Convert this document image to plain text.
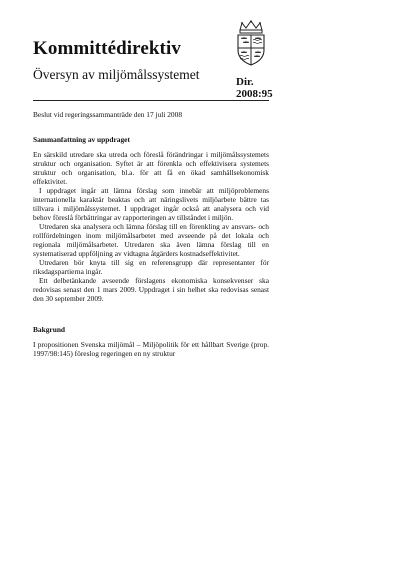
Kommittédirektiv
Översyn av miljömålssystemet	Dir.
2008:95
Beslut vid regeringssammanträde den 17 juli 2008
Sammanfattning av uppdraget

En särskild utredare ska utreda och föreslå förändringar i miljömålssystemets struktur och organisation. Syftet är att förenkla och effektivisera systemets struktur och organisation, bl.a. för att få en ökad samhällsekonomisk effektivitet.

I uppdraget ingår att lämna förslag som innebär att miljöproblemens internationella karaktär beaktas och att näringslivets miljöarbete bättre tas tillvara i miljömålssystemet. I uppdraget ingår också att analysera och vid behov föreslå förbättringar av rapporteringen av tillståndet i miljön.

Utredaren ska analysera och lämna förslag till en förenkling av ansvars- och rollfördelningen inom miljömålsarbetet med avseende på det lokala och regionala miljömålsarbetet. Utredaren ska även lämna förslag till en systematiserad uppföljning av vidtagna åtgärders kostnadseffektivitet.

Utredaren bör knyta till sig en referensgrupp där representanter för riksdagspartierna ingår.

Ett delbetänkande avseende förslagens ekonomiska konsekvenser ska redovisas senast den 1 mars 2009. Uppdraget i sin helhet ska redovisas senast den 30 september 2009.

Bakgrund

I propositionen Svenska miljömål – Miljöpolitik för ett hållbart Sverige (prop. 1997/98:145) föreslog regeringen en ny struktur
